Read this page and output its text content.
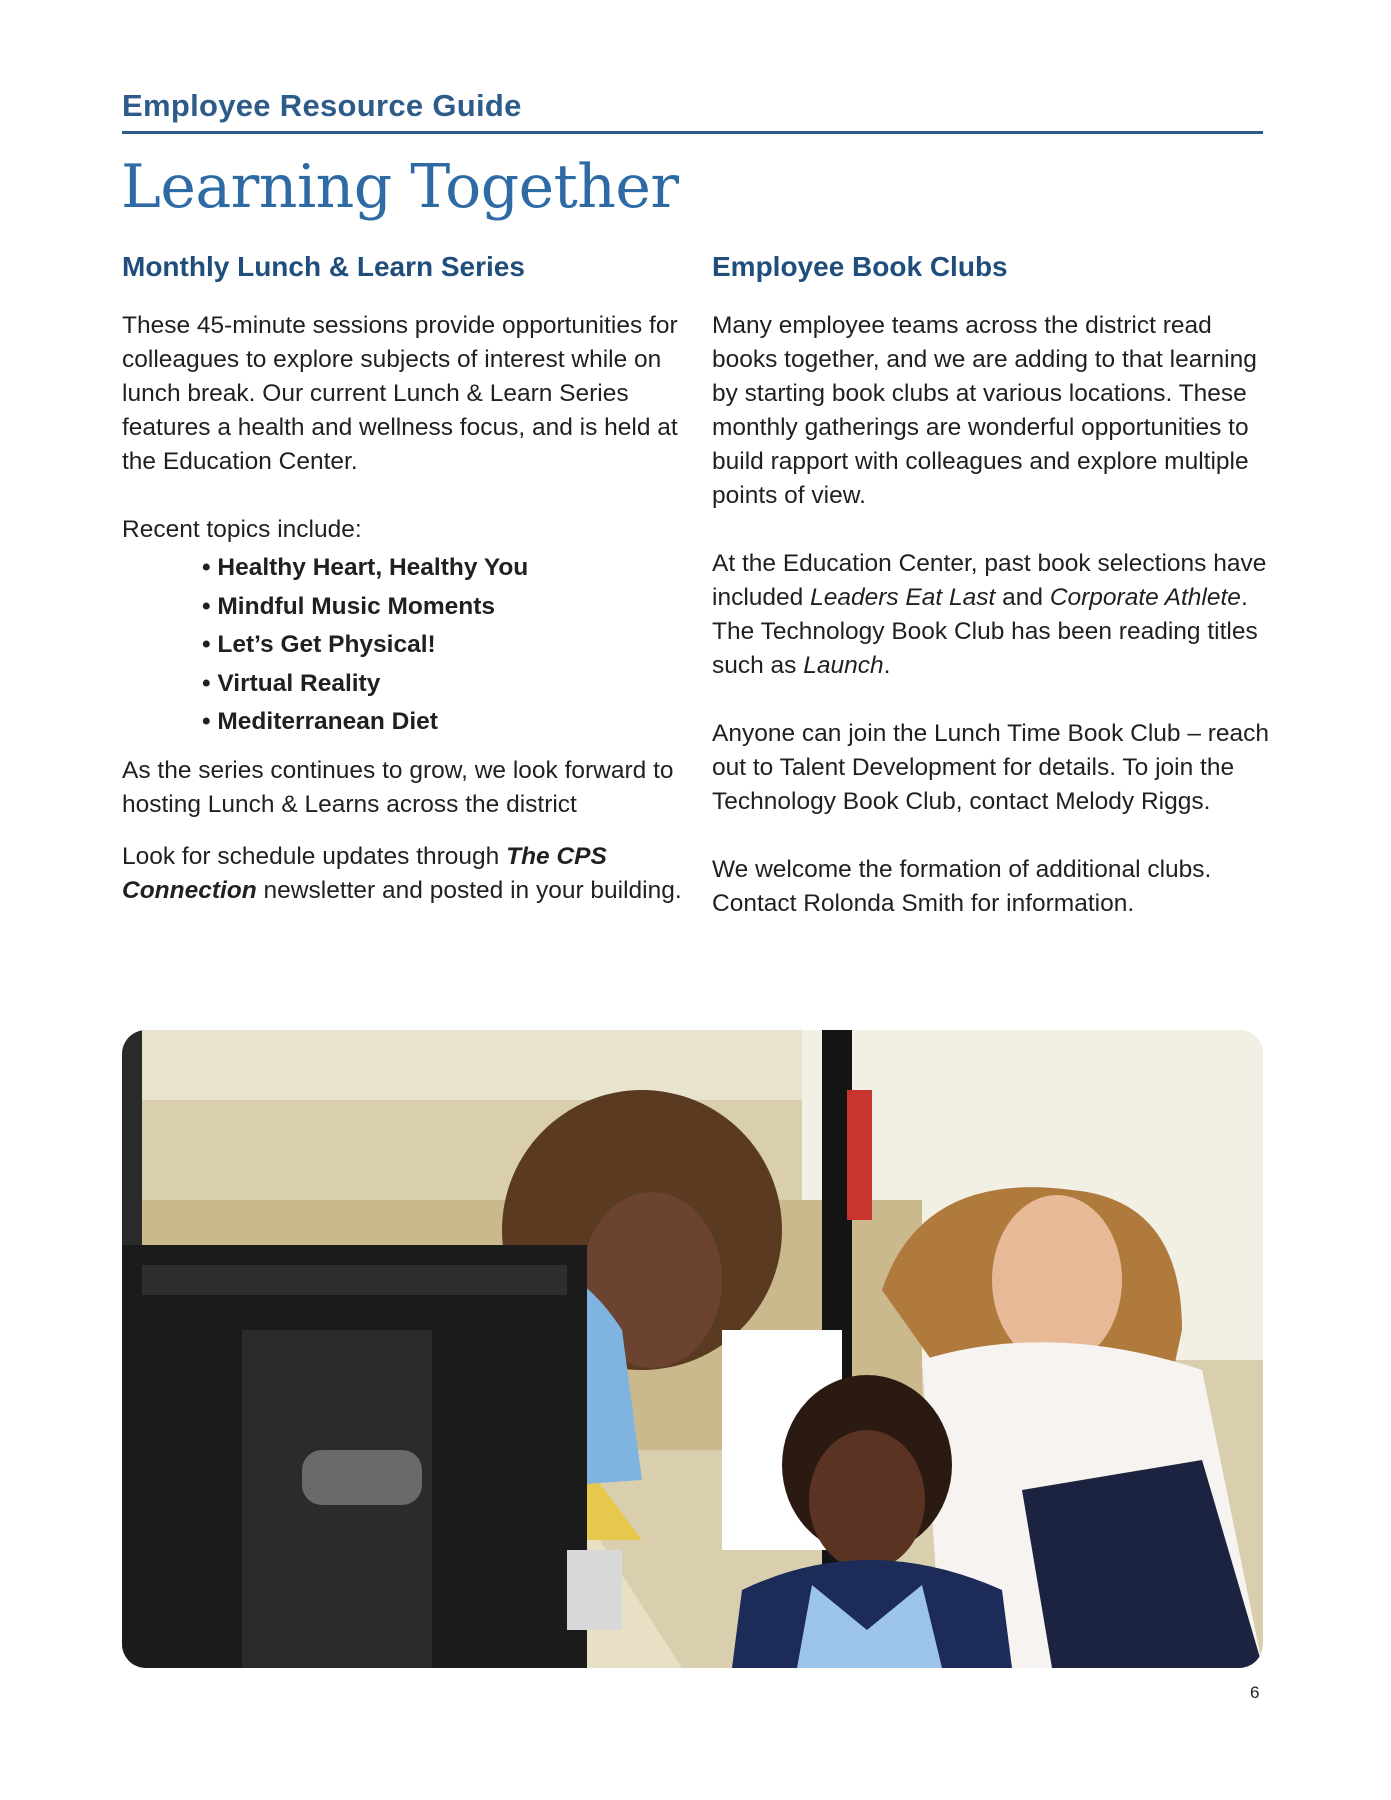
Employee Resource Guide
Learning Together
Monthly Lunch & Learn Series

These 45-minute sessions provide opportunities for colleagues to explore subjects of interest while on lunch break. Our current Lunch & Learn Series features a health and wellness focus, and is held at the Education Center.

Recent topics include:

• Healthy Heart, Healthy You
• Mindful Music Moments
• Let’s Get Physical!
• Virtual Reality
• Mediterranean Diet

As the series continues to grow, we look forward to hosting Lunch & Learns across the district

Look for schedule updates through The CPS Connection newsletter and posted in your building.

Employee Book Clubs

Many employee teams across the district read books together, and we are adding to that learning by starting book clubs at various locations. These monthly gatherings are wonderful opportunities to build rapport with colleagues and explore multiple points of view.

At the Education Center, past book selections have included Leaders Eat Last and Corporate Athlete. The Technology Book Club has been reading titles such as Launch.

Anyone can join the Lunch Time Book Club – reach out to Talent Development for details. To join the Technology Book Club, contact Melody Riggs.

We welcome the formation of additional clubs. Contact Rolonda Smith for information.

6
